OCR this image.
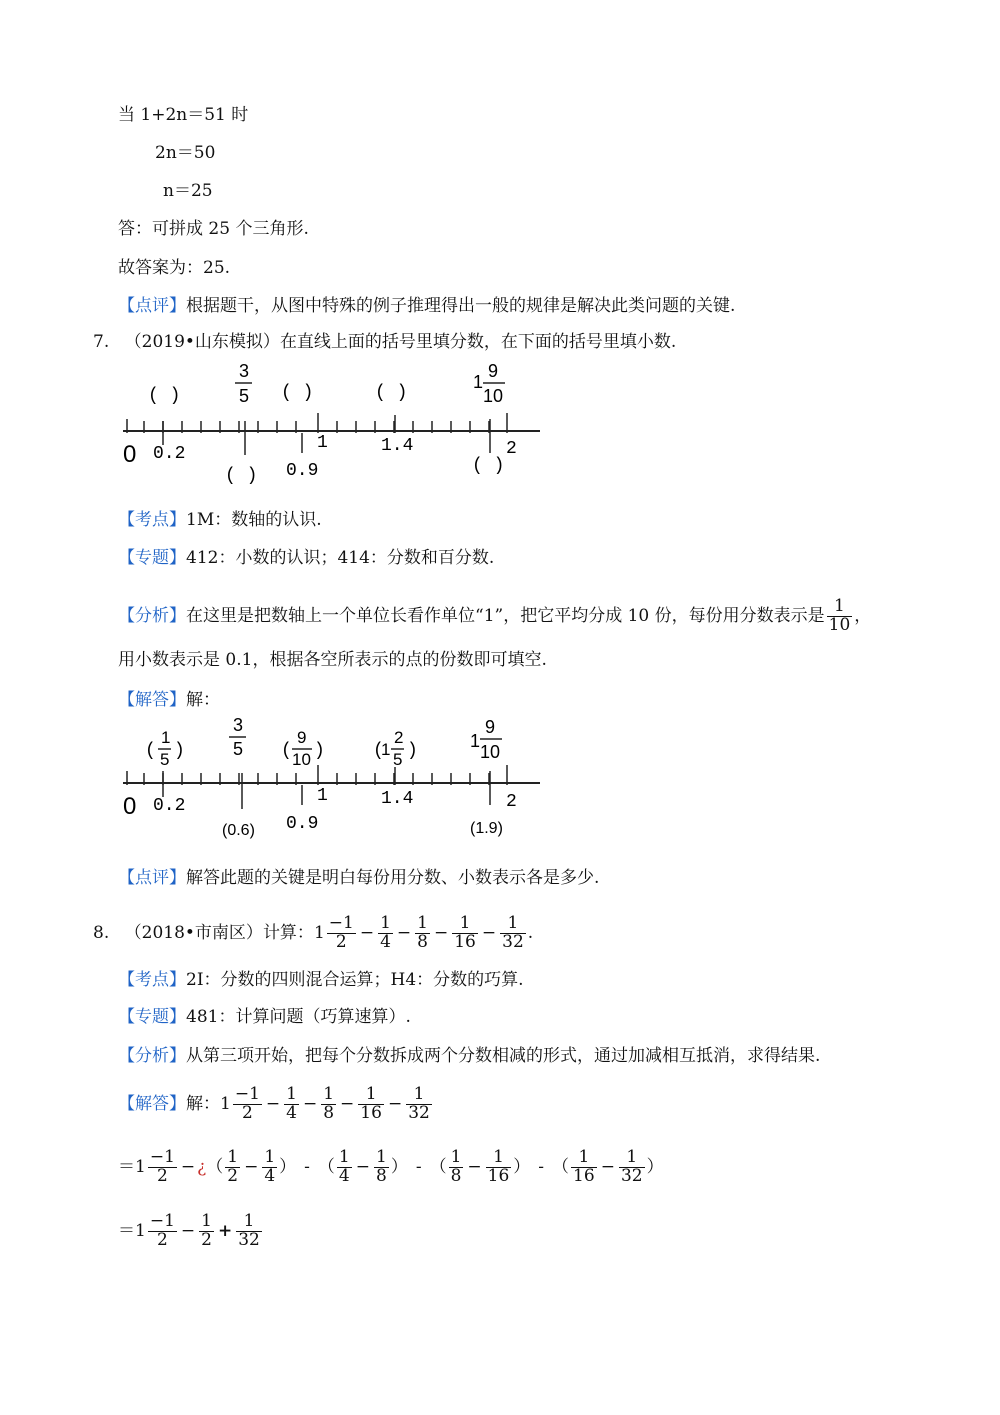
当 1+2n＝51 时
2n＝50
n＝25
答：可拼成 25 个三角形.
故答案为：25.
【点评】根据题干，从图中特殊的例子推理得出一般的规律是解决此类问题的关键.
7. （2019•山东模拟）在直线上面的括号里填分数，在下面的括号里填小数.
0 0.2
1	1.4	2
0.9
( )	( )	( )
( )	( )
3
5
1
9
10
【考点】1M：数轴的认识.
【专题】412：小数的认识；414：分数和百分数.
【分析】在这里是把数轴上一个单位长看作单位“1”，把它平均分成 10 份，每份用分数表示是 $\frac{1}{10}$ ，
用小数表示是 0.1，根据各空所表示的点的份数即可填空.
【解答】解：
0 0.2	1	1.4	2
0.9
(0.6)	(1.9)
(
1
5 )
3
5 (
9
10 )	(
1
2
5 )	1
9
10
【点评】解答此题的关键是明白每份用分数、小数表示各是多少.
8. （2018•市南区）计算：$1 \frac{-1}{2} - \frac{1}{4} - \frac{1}{8} - \frac{1}{16} - \frac{1}{32}$ .
【考点】2I：分数的四则混合运算；H4：分数的巧算.
【专题】481：计算问题（巧算速算）.
【分析】从第三项开始，把每个分数拆成两个分数相减的形式，通过加减相互抵消，求得结果.
【解答】解：$1 \frac{-1}{2} - \frac{1}{4} - \frac{1}{8} - \frac{1}{16} - \frac{1}{32}$
$=1 \frac{-1}{2}$ − ¿（ $\frac{1}{2} - \frac{1}{4}$ ） - （ $\frac{1}{4} - \frac{1}{8}$ ） - （ $\frac{1}{8} - \frac{1}{16}$ ） - （ $\frac{1}{16} - \frac{1}{32}$ ）
$=1 \frac{-1}{2} - \frac{1}{2} + \frac{1}{32}$
